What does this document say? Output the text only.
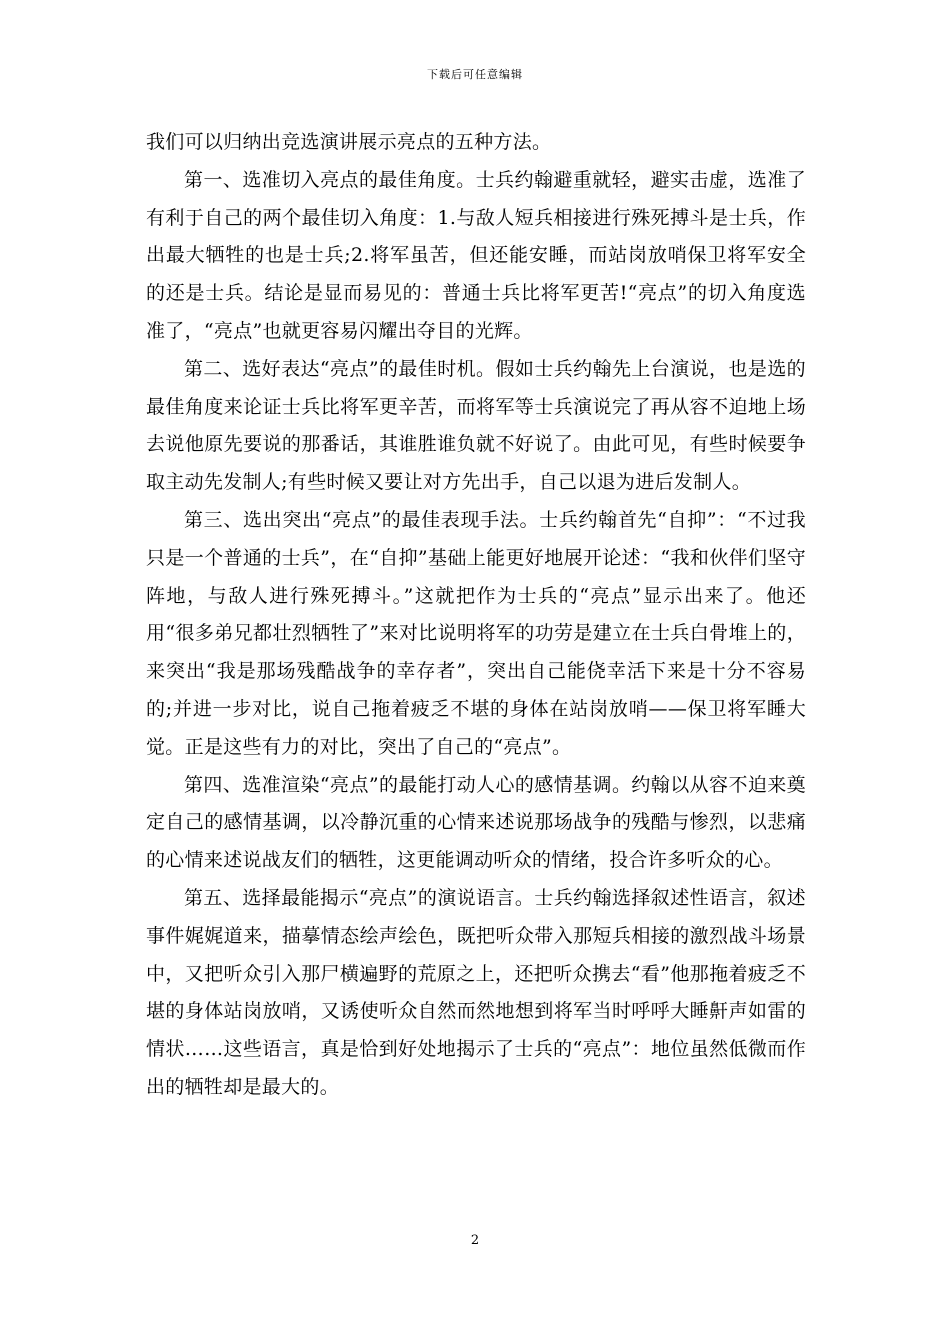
下载后可任意编辑

我们可以归纳出竞选演讲展示亮点的五种方法。

第一、选准切入亮点的最佳角度。士兵约翰避重就轻，避实击虚，选准了有利于自己的两个最佳切入角度：1.与敌人短兵相接进行殊死搏斗是士兵，作出最大牺牲的也是士兵;2.将军虽苦，但还能安睡，而站岗放哨保卫将军安全的还是士兵。结论是显而易见的：普通士兵比将军更苦!“亮点”的切入角度选准了，“亮点”也就更容易闪耀出夺目的光辉。

第二、选好表达“亮点”的最佳时机。假如士兵约翰先上台演说，也是选的最佳角度来论证士兵比将军更辛苦，而将军等士兵演说完了再从容不迫地上场去说他原先要说的那番话，其谁胜谁负就不好说了。由此可见，有些时候要争取主动先发制人;有些时候又要让对方先出手，自己以退为进后发制人。

第三、选出突出“亮点”的最佳表现手法。士兵约翰首先“自抑”：“不过我只是一个普通的士兵”，在“自抑”基础上能更好地展开论述：“我和伙伴们坚守阵地，与敌人进行殊死搏斗。”这就把作为士兵的“亮点”显示出来了。他还用“很多弟兄都壮烈牺牲了”来对比说明将军的功劳是建立在士兵白骨堆上的，来突出“我是那场残酷战争的幸存者”，突出自己能侥幸活下来是十分不容易的;并进一步对比，说自己拖着疲乏不堪的身体在站岗放哨——保卫将军睡大觉。正是这些有力的对比，突出了自己的“亮点”。

第四、选准渲染“亮点”的最能打动人心的感情基调。约翰以从容不迫来奠定自己的感情基调，以冷静沉重的心情来述说那场战争的残酷与惨烈，以悲痛的心情来述说战友们的牺牲，这更能调动听众的情绪，投合许多听众的心。

第五、选择最能揭示“亮点”的演说语言。士兵约翰选择叙述性语言，叙述事件娓娓道来，描摹情态绘声绘色，既把听众带入那短兵相接的激烈战斗场景中，又把听众引入那尸横遍野的荒原之上，还把听众携去“看”他那拖着疲乏不堪的身体站岗放哨，又诱使听众自然而然地想到将军当时呼呼大睡鼾声如雷的情状……这些语言，真是恰到好处地揭示了士兵的“亮点”：地位虽然低微而作出的牺牲却是最大的。

2
